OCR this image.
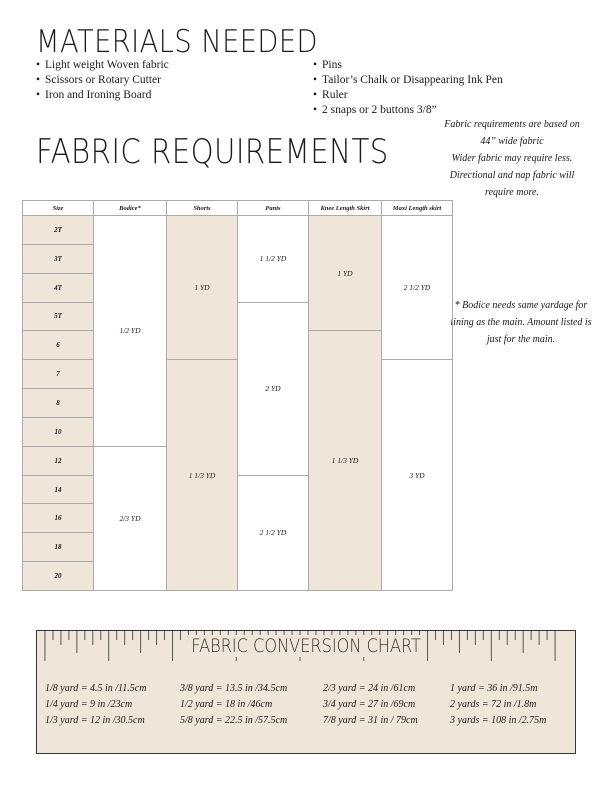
MATERIALS NEEDED
• Light weight Woven fabric
• Scissors or Rotary Cutter
• Iron and Ironing Board
• Pins
• Tailor’s Chalk or Disappearing Ink Pen
• Ruler
• 2 snaps or 2 buttons 3/8”
FABRIC REQUIREMENTS
Fabric requirements are based on
44” wide fabric
Wider fabric may require less.
Directional and nap fabric will
require more.
* Bodice needs same yardage for
lining as the main. Amount listed is
just for the main.
Size	Bodice*	Shorts	Pants	Knee Length Skirt	Maxi Length skirt
2T	1/2 YD	1 YD	1 1/2 YD	1 YD	2 1/2 YD
3T					
4T					
5T			2 YD		
6				1 1/3 YD	
7		1 1/3 YD			3 YD
8					
10					
12	2/3 YD				
14			2 1/2 YD		
16					
18					
20					
FABRIC CONVERSION CHART
1/8 yard = 4.5 in /11.5cm
1/4 yard = 9 in /23cm
1/3 yard = 12 in /30.5cm
3/8 yard = 13.5 in /34.5cm
1/2 yard = 18 in /46cm
5/8 yard = 22.5 in /57.5cm
2/3 yard = 24 in /61cm
3/4 yard = 27 in /69cm
7/8 yard = 31 in / 79cm
1 yard = 36 in /91.5m
2 yards = 72 in /1.8m
3 yards = 108 in /2.75m
